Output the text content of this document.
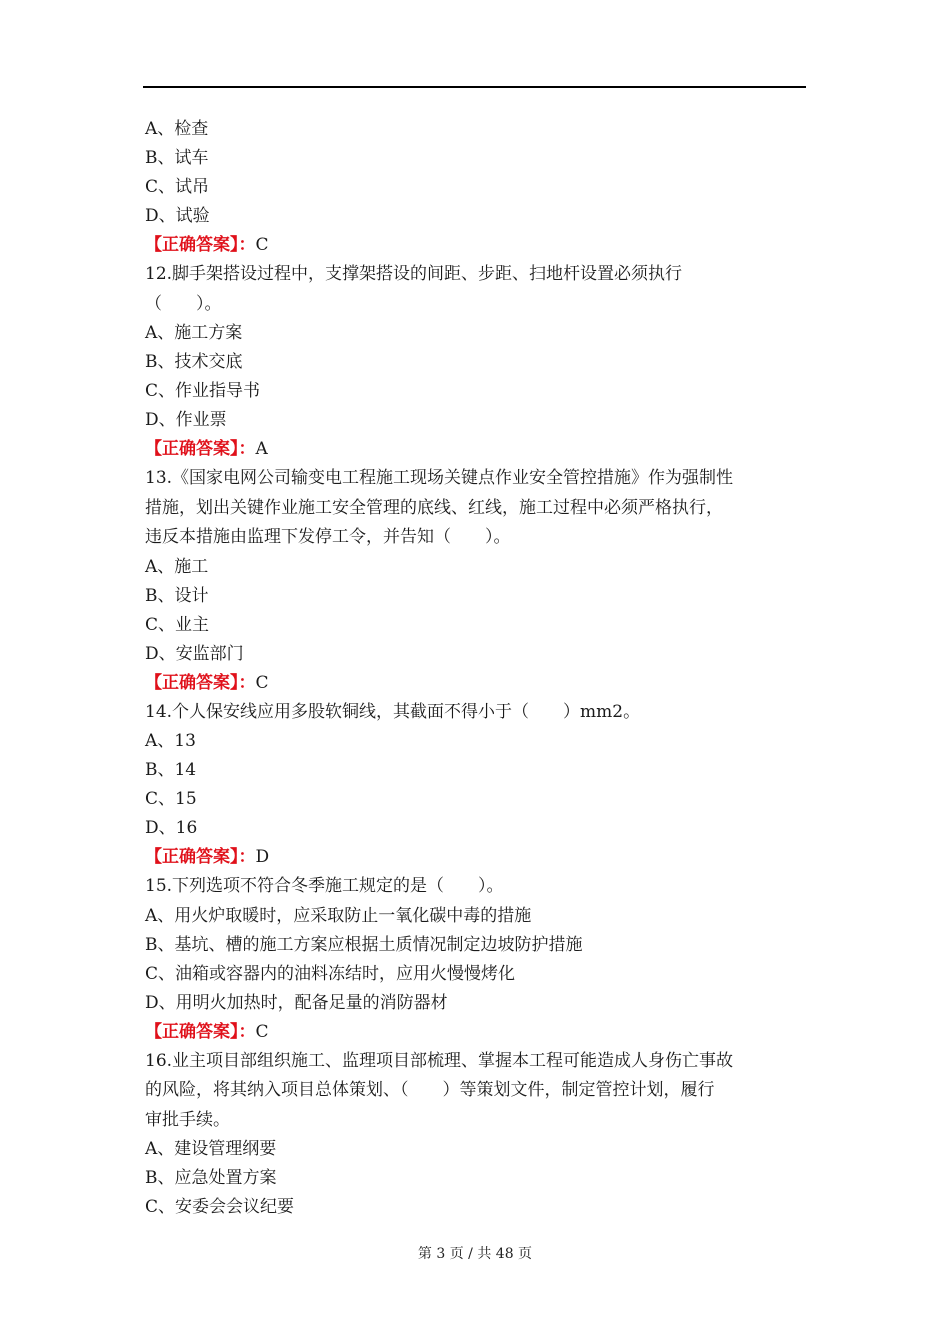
A、检查
B、试车
C、试吊
D、试验
【正确答案】：C
12.脚手架搭设过程中，支撑架搭设的间距、步距、扫地杆设置必须执行
（　　）。
A、施工方案
B、技术交底
C、作业指导书
D、作业票
【正确答案】：A
13.《国家电网公司输变电工程施工现场关键点作业安全管控措施》作为强制性
措施，划出关键作业施工安全管理的底线、红线，施工过程中必须严格执行，
违反本措施由监理下发停工令，并告知（　　）。
A、施工
B、设计
C、业主
D、安监部门
【正确答案】：C
14.个人保安线应用多股软铜线，其截面不得小于（　　）mm2。
A、13
B、14
C、15
D、16
【正确答案】：D
15.下列选项不符合冬季施工规定的是（　　）。
A、用火炉取暖时，应采取防止一氧化碳中毒的措施
B、基坑、槽的施工方案应根据土质情况制定边坡防护措施
C、油箱或容器内的油料冻结时，应用火慢慢烤化
D、用明火加热时，配备足量的消防器材
【正确答案】：C
16.业主项目部组织施工、监理项目部梳理、掌握本工程可能造成人身伤亡事故
的风险，将其纳入项目总体策划、（　　）等策划文件，制定管控计划，履行
审批手续。
A、建设管理纲要
B、应急处置方案
C、安委会会议纪要
第 3 页 / 共 48 页
